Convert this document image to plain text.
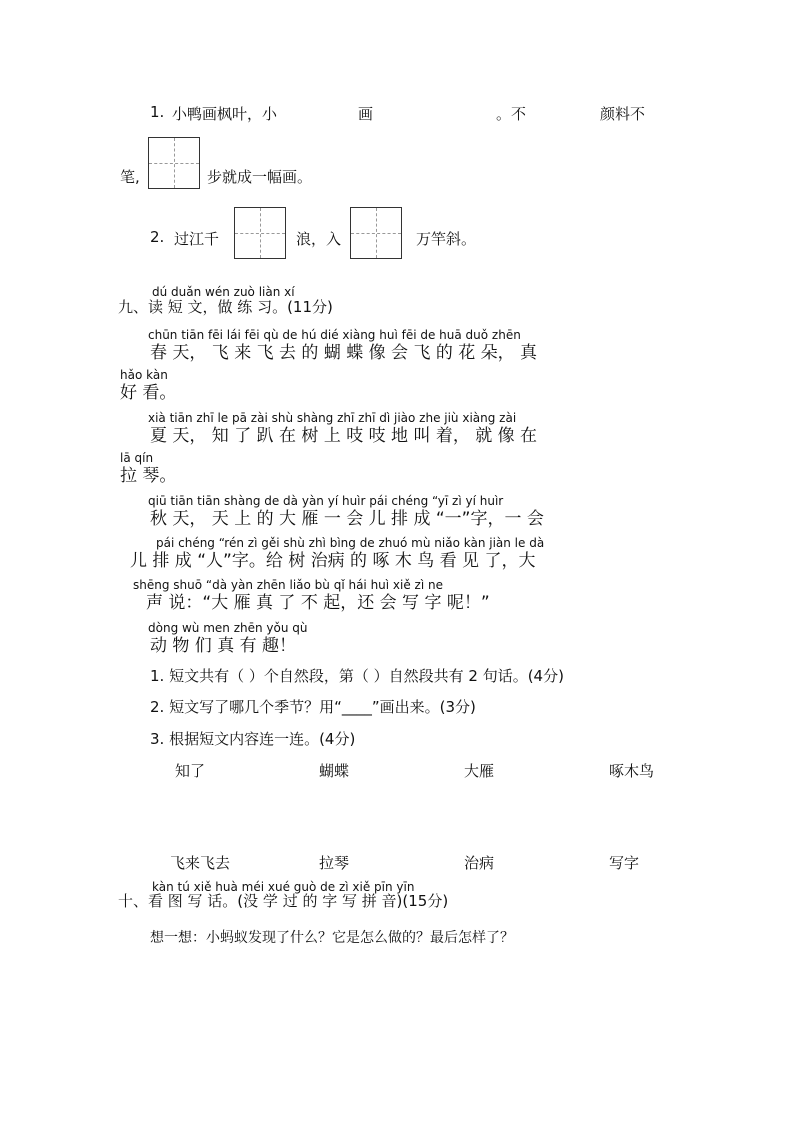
1. 小鸭画枫叶，小	画	。不	颜料不
笔,	步就成一幅画。
2. 过江千	浪，入	万竿斜。
dú duǎn wén zuò liàn xí
九、读 短 文，做 练 习。(11分)
chūn tiān fēi lái fēi qù de hú dié xiàng huì fēi de huā duǒ zhēn
春 天， 飞 来 飞 去 的 蝴 蝶 像 会 飞 的 花 朵， 真
hǎo kàn
好 看。
xià tiān zhī le pā zài shù shàng zhī zhī dì jiào zhe jiù xiàng zài
夏 天， 知 了 趴 在 树 上 吱 吱 地 叫 着， 就 像 在
lā qín
拉 琴。
qiū tiān tiān shàng de dà yàn yí huìr pái chéng “yī zì yí huìr
秋 天， 天 上 的 大 雁 一 会 儿 排 成 “一”字，一 会
pái chéng “rén zì gěi shù zhì bìng de zhuó mù niǎo kàn jiàn le dà
儿 排 成 “人”字。给 树 治病 的 啄 木 鸟 看 见 了，大
shēng shuō “dà yàn zhēn liǎo bù qǐ hái huì xiě zì ne
声 说：“大 雁 真 了 不 起，还 会 写 字 呢！”
dòng wù men zhēn yǒu qù
动 物 们 真 有 趣！
1. 短文共有（ ）个自然段，第（ ）自然段共有 2 句话。(4分)
2. 短文写了哪几个季节？用“____”画出来。(3分)
3. 根据短文内容连一连。(4分)
知了	蝴蝶	大雁	啄木鸟
飞来飞去	拉琴	治病	写字
kàn tú xiě huà méi xué guò de zì xiě pīn yīn
十、看 图 写 话。(没 学 过 的 字 写 拼 音)(15分)
想一想：小蚂蚁发现了什么？它是怎么做的？最后怎样了？
